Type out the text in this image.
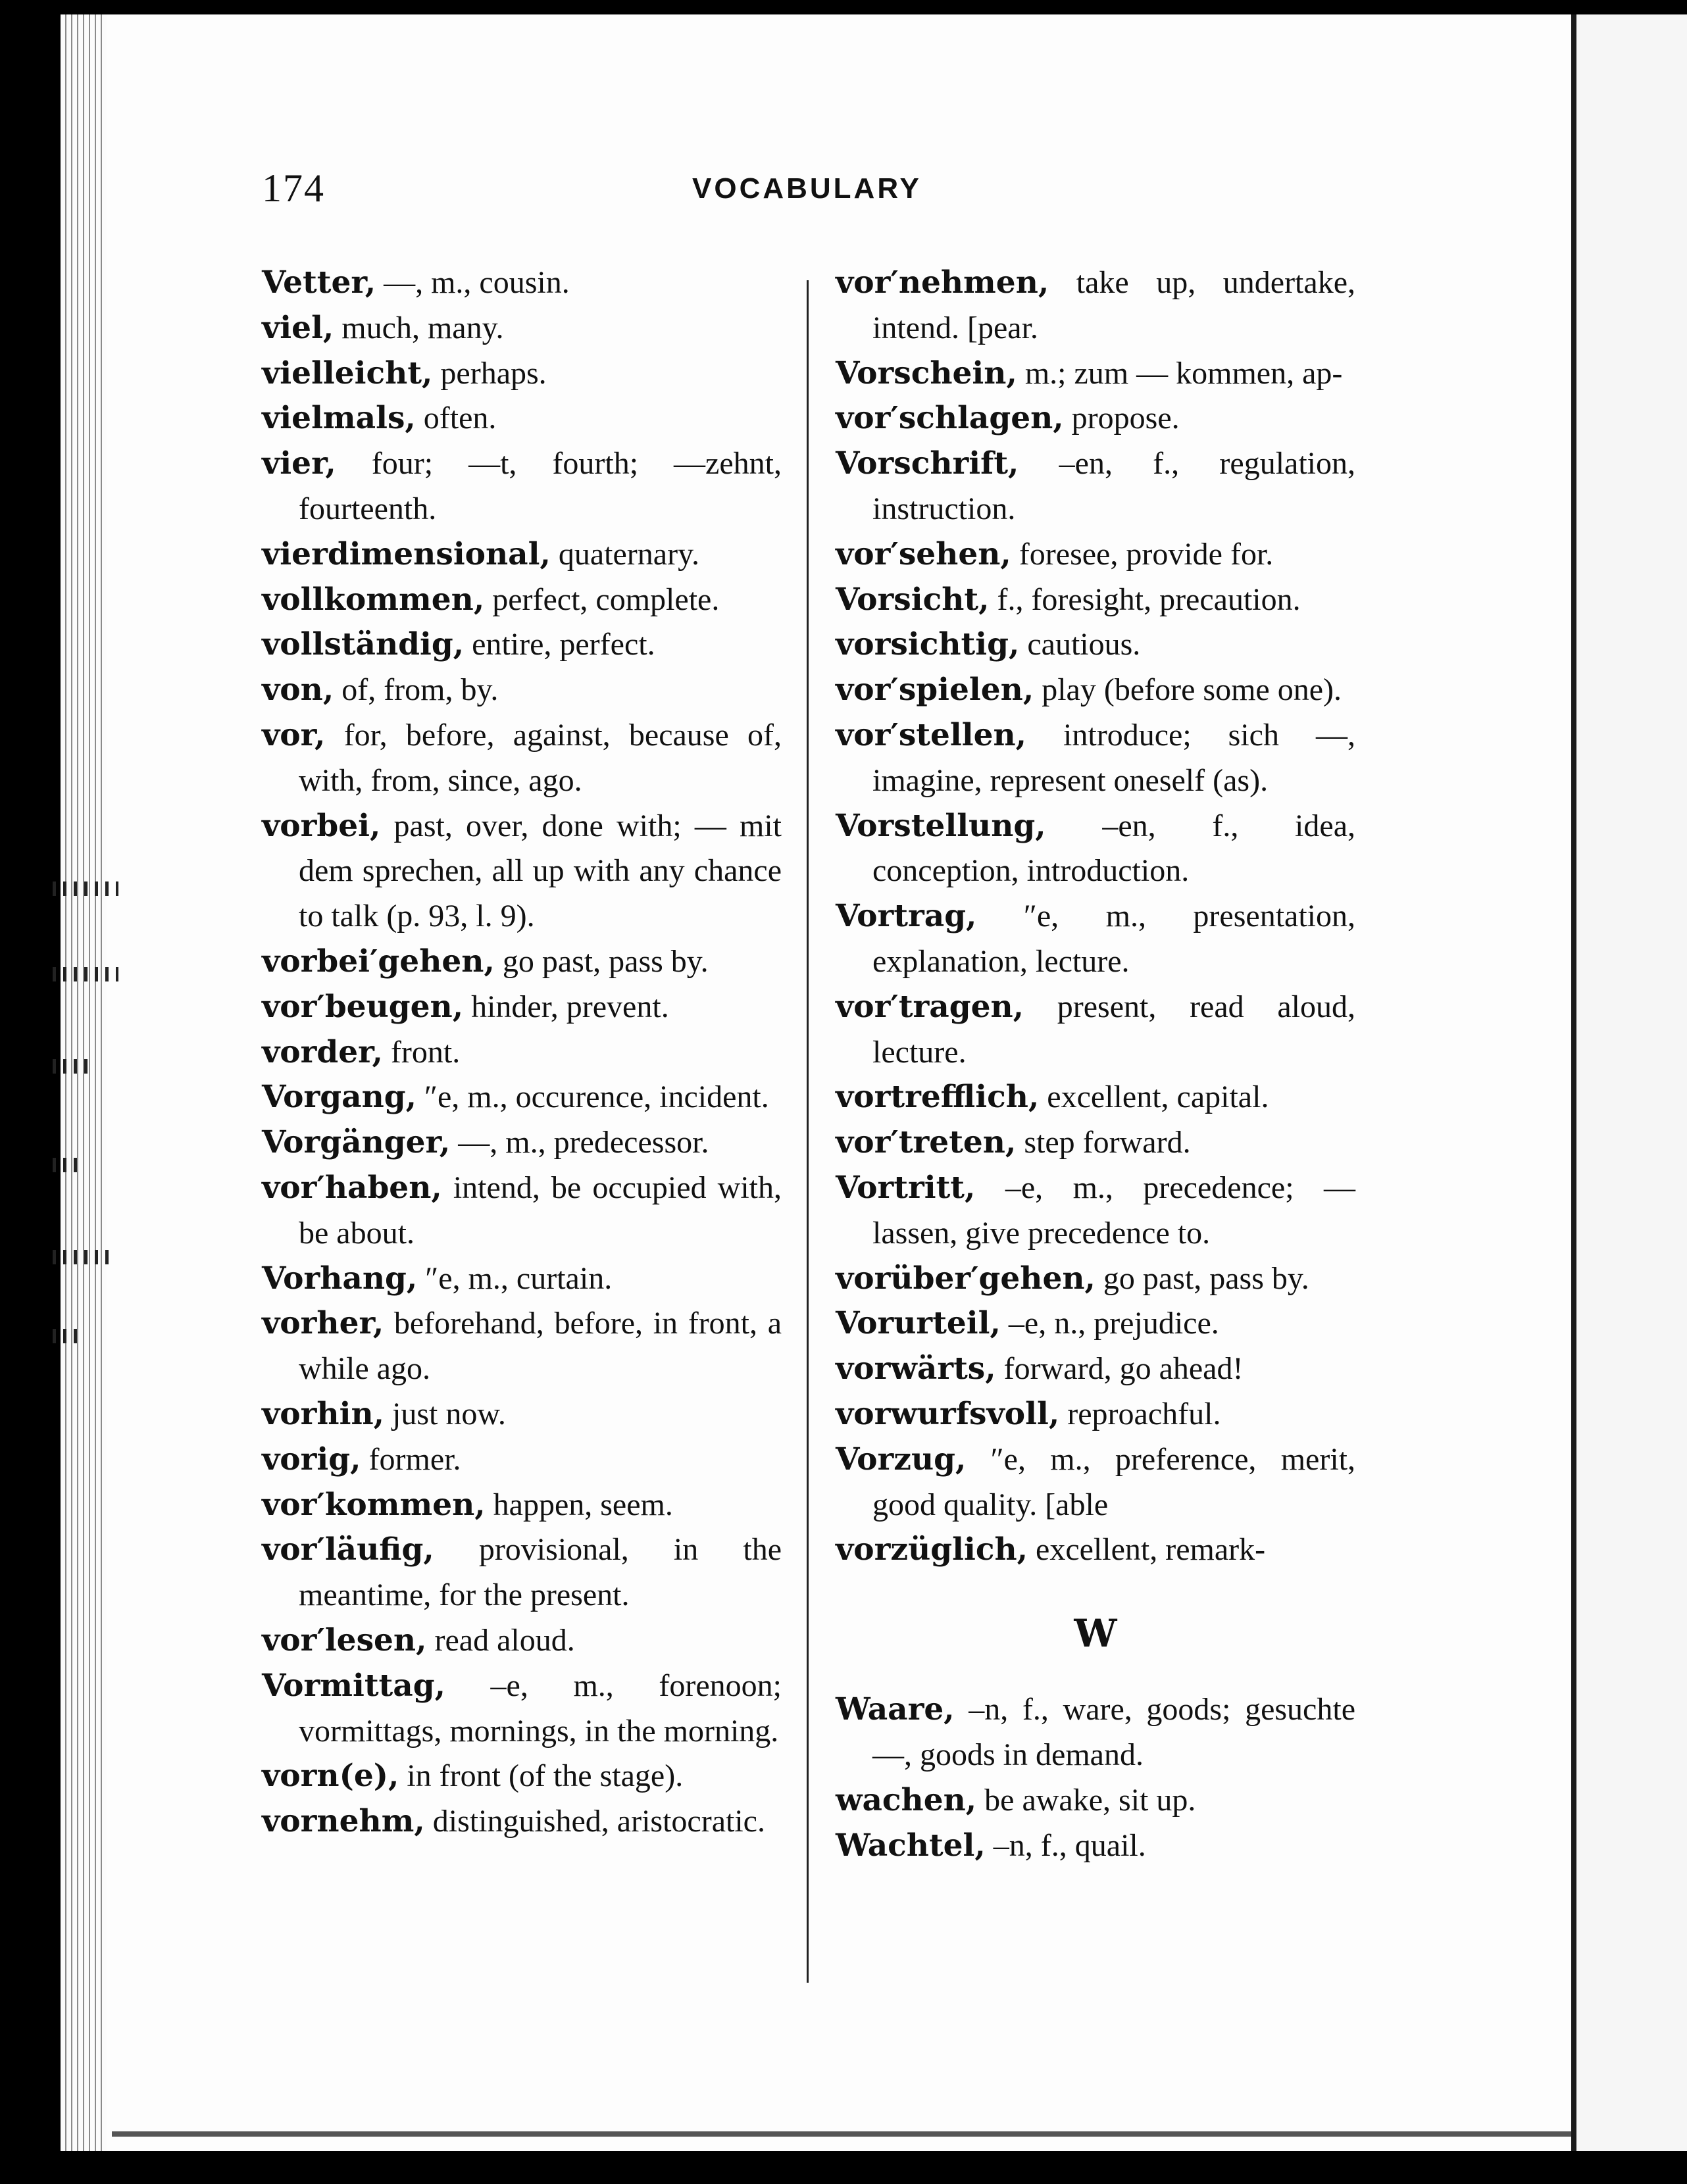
174	VOCABULARY
Vetter, —, m., cousin.
viel, much, many.
vielleicht, perhaps.
vielmals, often.
vier, four; —t, fourth; —zehnt, fourteenth.
vierdimensional, quaternary.
vollkommen, perfect, complete.
vollständig, entire, perfect.
von, of, from, by.
vor, for, before, against, because of, with, from, since, ago.
vorbei, past, over, done with; — mit dem sprechen, all up with any chance to talk (p. 93, l. 9).
vorbei′gehen, go past, pass by.
vor′beugen, hinder, prevent.
vorder, front.
Vorgang, ″e, m., occurence, incident.
Vorgänger, —, m., predecessor.
vor′haben, intend, be occupied with, be about.
Vorhang, ″e, m., curtain.
vorher, beforehand, before, in front, a while ago.
vorhin, just now.
vorig, former.
vor′kommen, happen, seem.
vor′läufig, provisional, in the meantime, for the present.
vor′lesen, read aloud.
Vormittag, –e, m., forenoon; vormittags, mornings, in the morning.
vorn(e), in front (of the stage).
vornehm, distinguished, aristocratic.
vor′nehmen, take up, undertake, intend. [pear.
Vorschein, m.; zum — kommen, ap-
vor′schlagen, propose.
Vorschrift, –en, f., regulation, instruction.
vor′sehen, foresee, provide for.
Vorsicht, f., foresight, precaution.
vorsichtig, cautious.
vor′spielen, play (before some one).
vor′stellen, introduce; sich —, imagine, represent oneself (as).
Vorstellung, –en, f., idea, conception, introduction.
Vortrag, ″e, m., presentation, explanation, lecture.
vor′tragen, present, read aloud, lecture.
vortrefflich, excellent, capital.
vor′treten, step forward.
Vortritt, –e, m., precedence; — lassen, give precedence to.
vorüber′gehen, go past, pass by.
Vorurteil, –e, n., prejudice.
vorwärts, forward, go ahead!
vorwurfsvoll, reproachful.
Vorzug, ″e, m., preference, merit, good quality. [able
vorzüglich, excellent, remark-
W
Waare, –n, f., ware, goods; gesuchte —, goods in demand.
wachen, be awake, sit up.
Wachtel, –n, f., quail.
